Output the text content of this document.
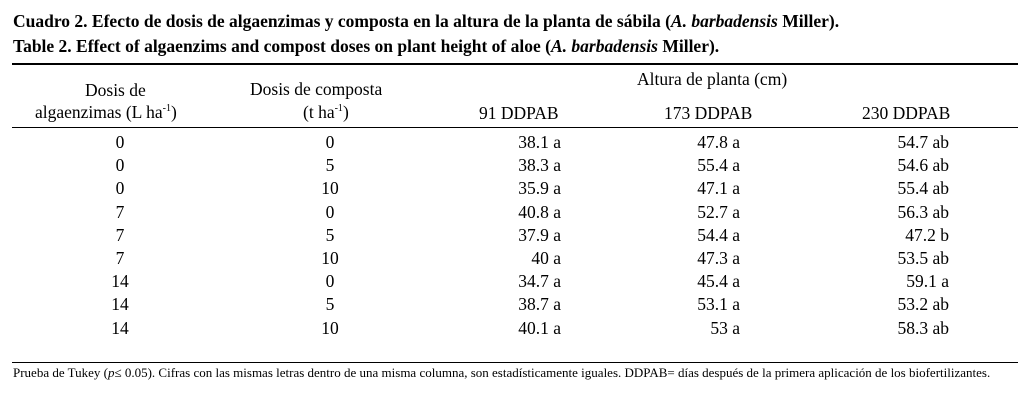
Cuadro 2. Efecto de dosis de algaenzimas y composta en la altura de la planta de sábila (A. barbadensis Miller).
Table 2. Effect of algaenzims and compost doses on plant height of aloe (A. barbadensis Miller).
Dosis de
algaenzimas (L $ha^{-1}$)
Dosis de composta
(t $ha^{-1}$)
Altura de planta (cm)
91 DDPAB	173 DDPAB	230 DDPAB
0	0	38.1 a	47.8 a	54.7 ab
0	5	38.3 a	55.4 a	54.6 ab
0	10	35.9 a	47.1 a	55.4 ab
7	0	40.8 a	52.7 a	56.3 ab
7	5	37.9 a	54.4 a	47.2 b
7	10	40 a	47.3 a	53.5 ab
14	0	34.7 a	45.4 a	59.1 a
14	5	38.7 a	53.1 a	53.2 ab
14	10	40.1 a	53 a	58.3 ab
Prueba de Tukey (p≤ 0.05). Cifras con las mismas letras dentro de una misma columna, son estadísticamente iguales. DDPAB= días después de la primera aplicación de los biofertilizantes.
